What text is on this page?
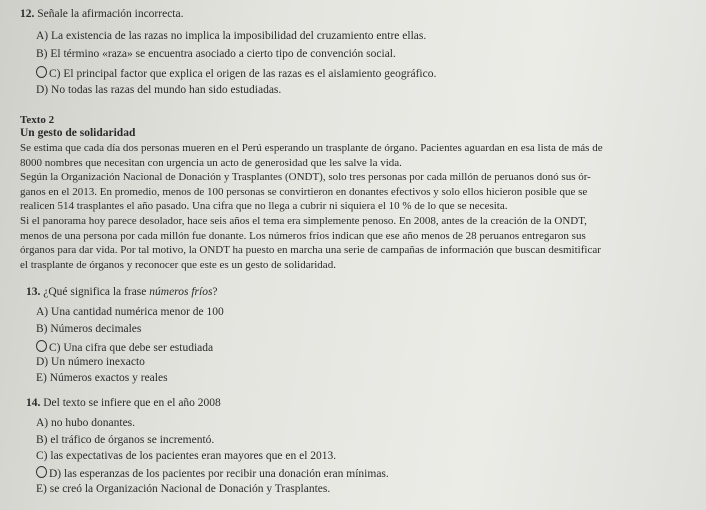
12. Señale la afirmación incorrecta.
A) La existencia de las razas no implica la imposibilidad del cruzamiento entre ellas.
B) El término «raza» se encuentra asociado a cierto tipo de convención social.
C) El principal factor que explica el origen de las razas es el aislamiento geográfico.
D) No todas las razas del mundo han sido estudiadas.
Texto 2
Un gesto de solidaridad

Se estima que cada día dos personas mueren en el Perú esperando un trasplante de órgano. Pacientes aguardan en esa lista de más de

8000 nombres que necesitan con urgencia un acto de generosidad que les salve la vida.

Según la Organización Nacional de Donación y Trasplantes (ONDT), solo tres personas por cada millón de peruanos donó sus ór-

ganos en el 2013. En promedio, menos de 100 personas se convirtieron en donantes efectivos y solo ellos hicieron posible que se

realicen 514 trasplantes el año pasado. Una cifra que no llega a cubrir ni siquiera el 10 % de lo que se necesita.

Si el panorama hoy parece desolador, hace seis años el tema era simplemente penoso. En 2008, antes de la creación de la ONDT,

menos de una persona por cada millón fue donante. Los números fríos indican que ese año menos de 28 peruanos entregaron sus

órganos para dar vida. Por tal motivo, la ONDT ha puesto en marcha una serie de campañas de información que buscan desmitificar

el trasplante de órganos y reconocer que este es un gesto de solidaridad.

13. ¿Qué significa la frase números fríos?
A) Una cantidad numérica menor de 100
B) Números decimales
C) Una cifra que debe ser estudiada
D) Un número inexacto
E) Números exactos y reales
14. Del texto se infiere que en el año 2008
A) no hubo donantes.
B) el tráfico de órganos se incrementó.
C) las expectativas de los pacientes eran mayores que en el 2013.
D) las esperanzas de los pacientes por recibir una donación eran mínimas.
E) se creó la Organización Nacional de Donación y Trasplantes.
